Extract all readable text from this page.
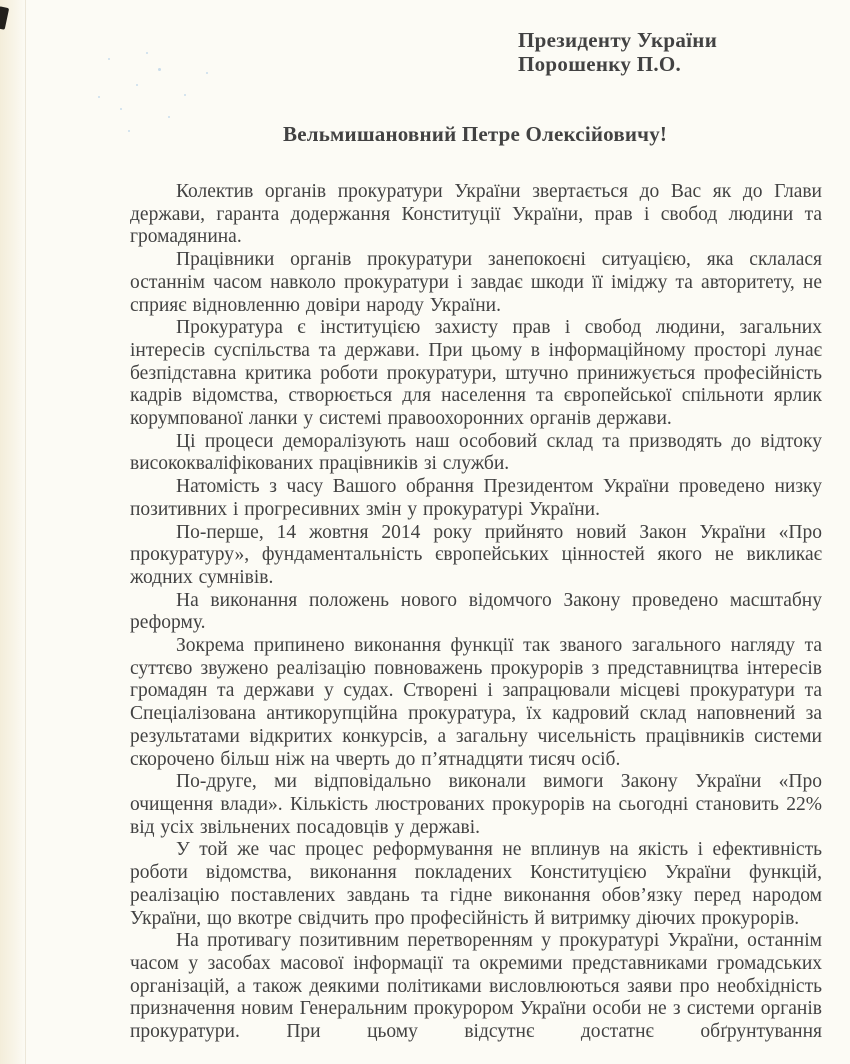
Президенту України
Порошенку П.О.
Вельмишановний Петре Олексійовичу!

Колектив органів прокуратури України звертається до Вас як до Глави держави, гаранта додержання Конституції України, прав і свобод людини та громадянина.

Працівники органів прокуратури занепокоєні ситуацією, яка склалася останнім часом навколо прокуратури і завдає шкоди її іміджу та авторитету, не сприяє відновленню довіри народу України.

Прокуратура є інституцією захисту прав і свобод людини, загальних інтересів суспільства та держави. При цьому в інформаційному просторі лунає безпідставна критика роботи прокуратури, штучно принижується професійність кадрів відомства, створюється для населення та європейської спільноти ярлик корумпованої ланки у системі правоохоронних органів держави.

Ці процеси деморалізують наш особовий склад та призводять до відтоку висококваліфікованих працівників зі служби.

Натомість з часу Вашого обрання Президентом України проведено низку позитивних і прогресивних змін у прокуратурі України.

По-перше, 14 жовтня 2014 року прийнято новий Закон України «Про прокуратуру», фундаментальність європейських цінностей якого не викликає жодних сумнівів.

На виконання положень нового відомчого Закону проведено масштабну реформу.

Зокрема припинено виконання функції так званого загального нагляду та суттєво звужено реалізацію повноважень прокурорів з представництва інтересів громадян та держави у судах. Створені і запрацювали місцеві прокуратури та Спеціалізована антикорупційна прокуратура, їх кадровий склад наповнений за результатами відкритих конкурсів, а загальну чисельність працівників системи скорочено більш ніж на чверть до п’ятнадцяти тисяч осіб.

По-друге, ми відповідально виконали вимоги Закону України «Про очищення влади». Кількість люстрованих прокурорів на сьогодні становить 22% від усіх звільнених посадовців у державі.

У той же час процес реформування не вплинув на якість і ефективність роботи відомства, виконання покладених Конституцією України функцій, реалізацію поставлених завдань та гідне виконання обов’язку перед народом України, що вкотре свідчить про професійність й витримку діючих прокурорів.

На противагу позитивним перетворенням у прокуратурі України, останнім часом у засобах масової інформації та окремими представниками громадських організацій, а також деякими політиками висловлюються заяви про необхідність призначення новим Генеральним прокурором України особи не з системи органів прокуратури. При цьому відсутнє достатнє обґрунтування
